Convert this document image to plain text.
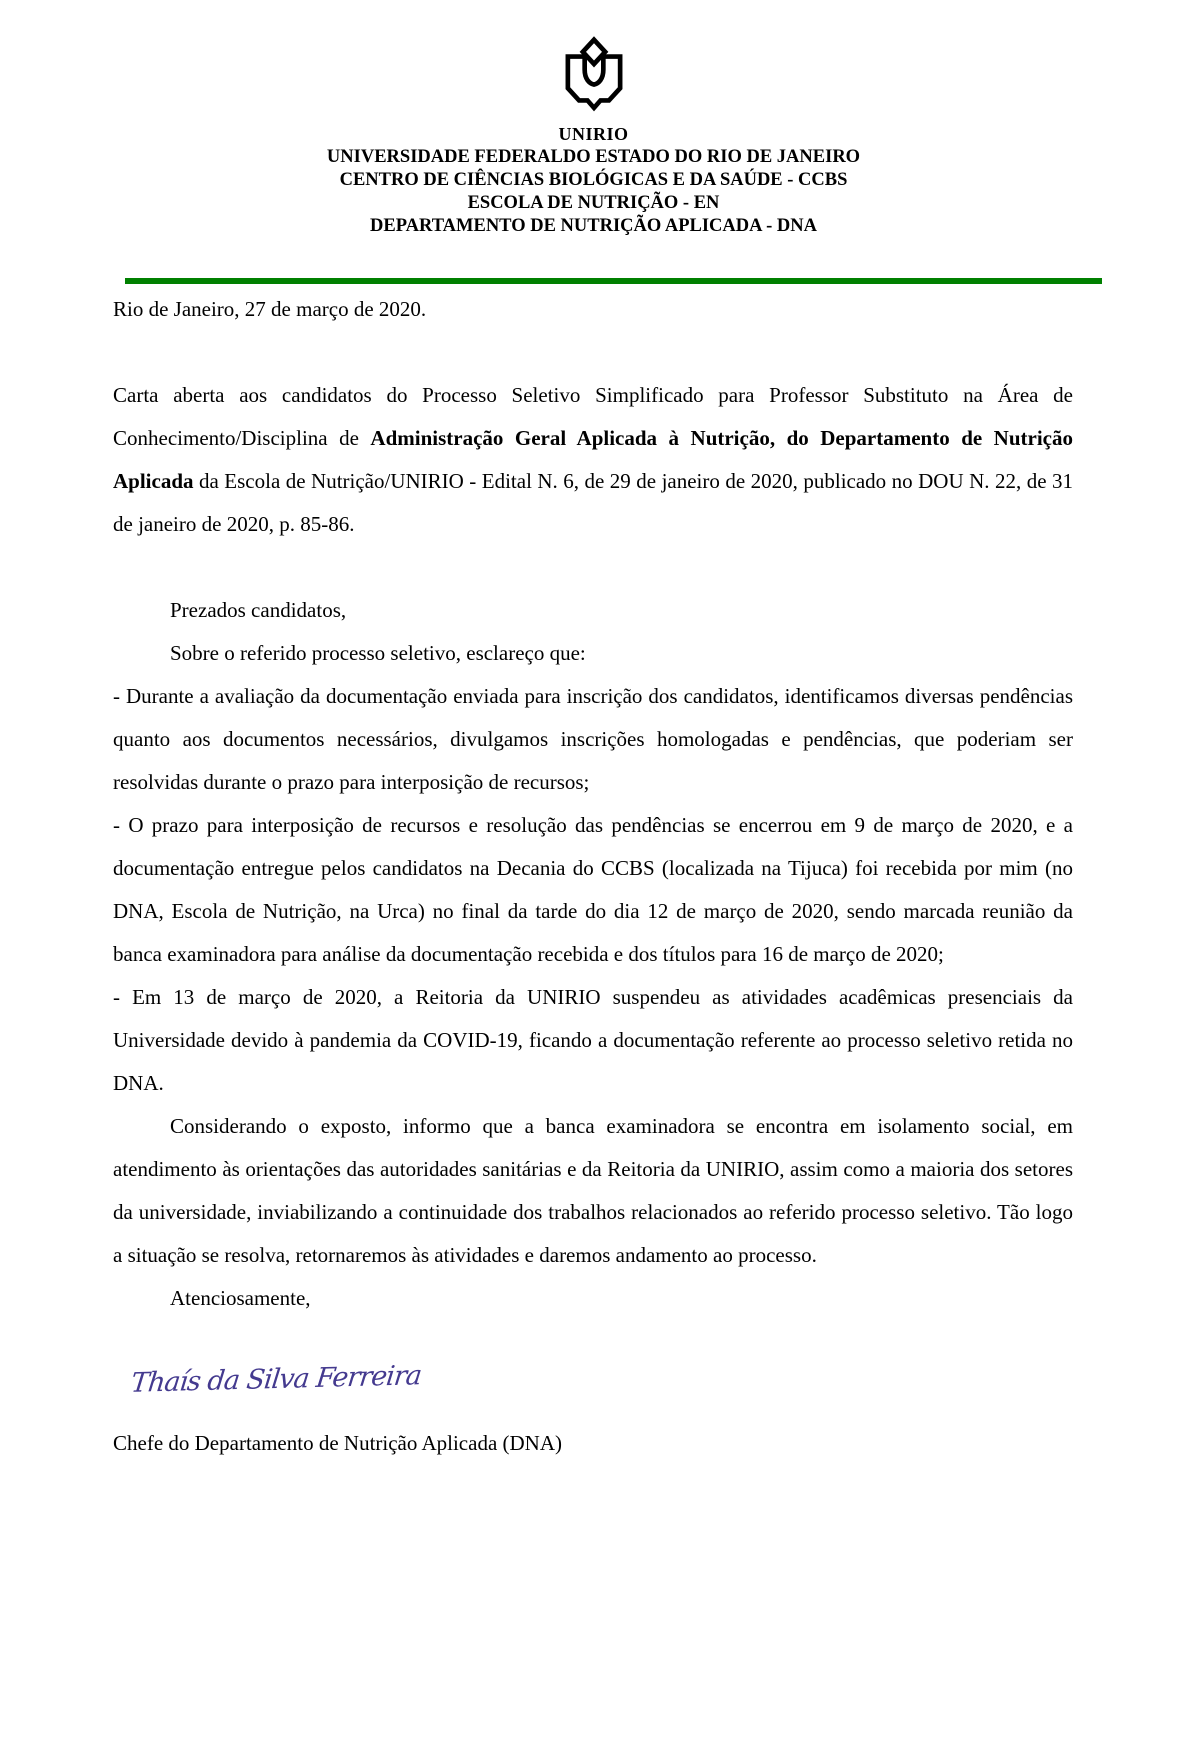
UNIRIO
UNIVERSIDADE FEDERALDO ESTADO DO RIO DE JANEIRO
CENTRO DE CIÊNCIAS BIOLÓGICAS E DA SAÚDE - CCBS
ESCOLA DE NUTRIÇÃO - EN
DEPARTAMENTO DE NUTRIÇÃO APLICADA - DNA

Rio de Janeiro, 27 de março de 2020.

Carta aberta aos candidatos do Processo Seletivo Simplificado para Professor Substituto na Área de Conhecimento/Disciplina de Administração Geral Aplicada à Nutrição, do Departamento de Nutrição Aplicada da Escola de Nutrição/UNIRIO - Edital N. 6, de 29 de janeiro de 2020, publicado no DOU N. 22, de 31 de janeiro de 2020, p. 85-86.

Prezados candidatos,

Sobre o referido processo seletivo, esclareço que:

- Durante a avaliação da documentação enviada para inscrição dos candidatos, identificamos diversas pendências quanto aos documentos necessários, divulgamos inscrições homologadas e pendências, que poderiam ser resolvidas durante o prazo para interposição de recursos;

- O prazo para interposição de recursos e resolução das pendências se encerrou em 9 de março de 2020, e a documentação entregue pelos candidatos na Decania do CCBS (localizada na Tijuca) foi recebida por mim (no DNA, Escola de Nutrição, na Urca) no final da tarde do dia 12 de março de 2020, sendo marcada reunião da banca examinadora para análise da documentação recebida e dos títulos para 16 de março de 2020;

- Em 13 de março de 2020, a Reitoria da UNIRIO suspendeu as atividades acadêmicas presenciais da Universidade devido à pandemia da COVID-19, ficando a documentação referente ao processo seletivo retida no DNA.

Considerando o exposto, informo que a banca examinadora se encontra em isolamento social, em atendimento às orientações das autoridades sanitárias e da Reitoria da UNIRIO, assim como a maioria dos setores da universidade, inviabilizando a continuidade dos trabalhos relacionados ao referido processo seletivo. Tão logo a situação se resolva, retornaremos às atividades e daremos andamento ao processo.

Atenciosamente,

Thaís da Silva Ferreira

Chefe do Departamento de Nutrição Aplicada (DNA)
